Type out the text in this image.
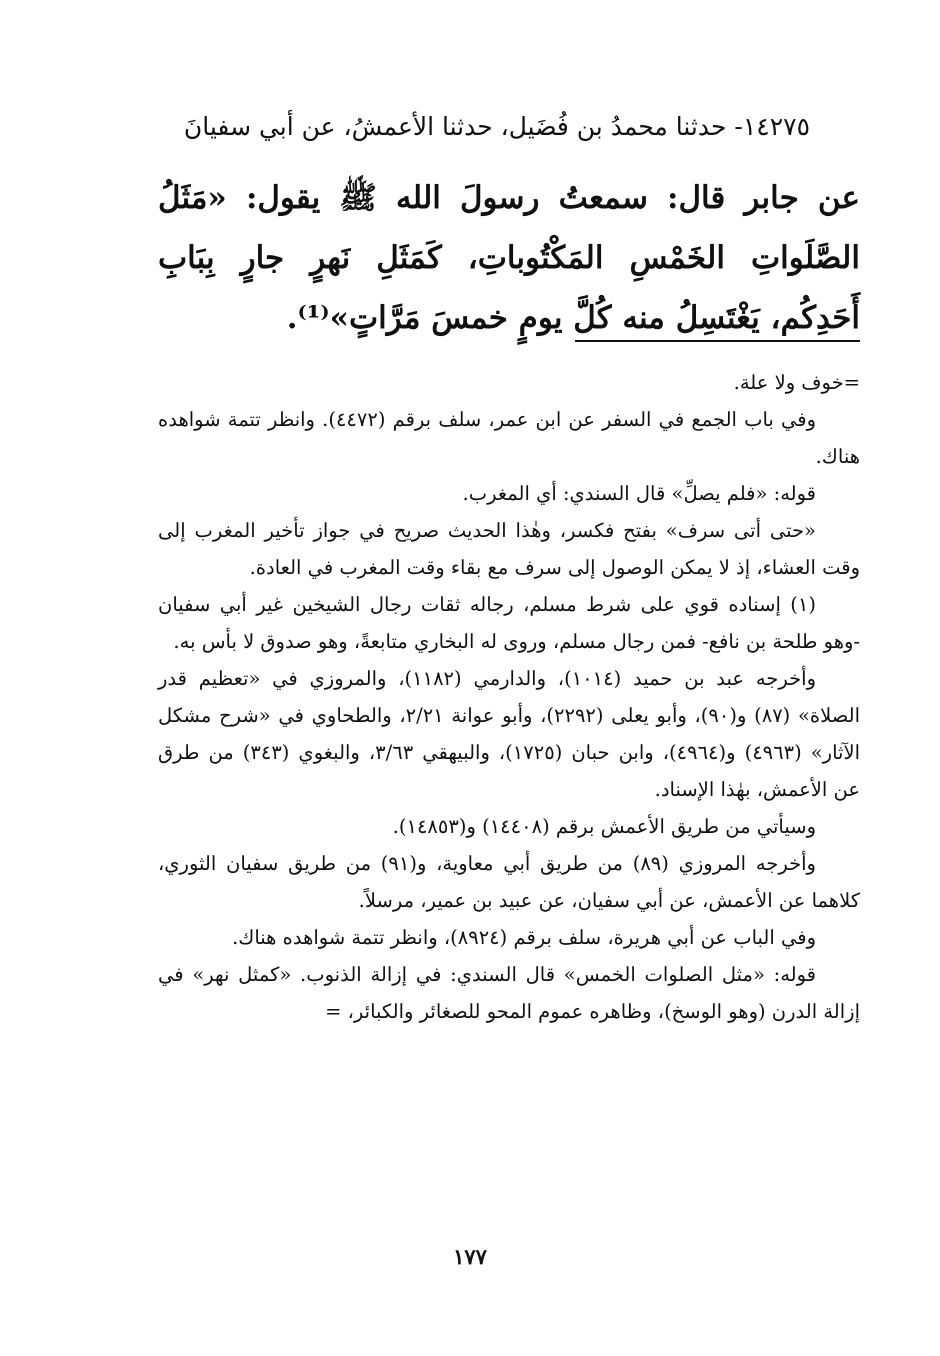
١٤٢٧٥- حدثنا محمدُ بن فُضَيل، حدثنا الأعمشُ، عن أبي سفيانَ

عن جابر قال: سمعتُ رسولَ الله ﷺ يقول: «مَثَلُ الصَّلَواتِ الخَمْسِ المَكْتُوباتِ، كَمَثَلِ نَهرٍ جارٍ بِبَابِ أَحَدِكُم، يَغْتَسِلُ منه كُلَّ يومٍ خمسَ مَرَّاتٍ»⁽¹⁾.

=خوف ولا علة.

وفي باب الجمع في السفر عن ابن عمر، سلف برقم (٤٤٧٢). وانظر تتمة شواهده هناك.

قوله: «فلم يصلِّ» قال السندي: أي المغرب.

«حتى أتى سرف» بفتح فكسر، وهٰذا الحديث صريح في جواز تأخير المغرب إلى وقت العشاء، إذ لا يمكن الوصول إلى سرف مع بقاء وقت المغرب في العادة.

(١) إسناده قوي على شرط مسلم، رجاله ثقات رجال الشيخين غير أبي سفيان -وهو طلحة بن نافع- فمن رجال مسلم، وروى له البخاري متابعةً، وهو صدوق لا بأس به.

وأخرجه عبد بن حميد (١٠١٤)، والدارمي (١١٨٢)، والمروزي في «تعظيم قدر الصلاة» (٨٧) و(٩٠)، وأبو يعلى (٢٢٩٢)، وأبو عوانة ٢/٢١، والطحاوي في «شرح مشكل الآثار» (٤٩٦٣) و(٤٩٦٤)، وابن حبان (١٧٢٥)، والبيهقي ٣/٦٣، والبغوي (٣٤٣) من طرق عن الأعمش، بهٰذا الإسناد.

وسيأتي من طريق الأعمش برقم (١٤٤٠٨) و(١٤٨٥٣).

وأخرجه المروزي (٨٩) من طريق أبي معاوية، و(٩١) من طريق سفيان الثوري، كلاهما عن الأعمش، عن أبي سفيان، عن عبيد بن عمير، مرسلاً.

وفي الباب عن أبي هريرة، سلف برقم (٨٩٢٤)، وانظر تتمة شواهده هناك.

قوله: «مثل الصلوات الخمس» قال السندي: في إزالة الذنوب. «كمثل نهر» في إزالة الدرن (وهو الوسخ)، وظاهره عموم المحو للصغائر والكبائر، =

١٧٧
